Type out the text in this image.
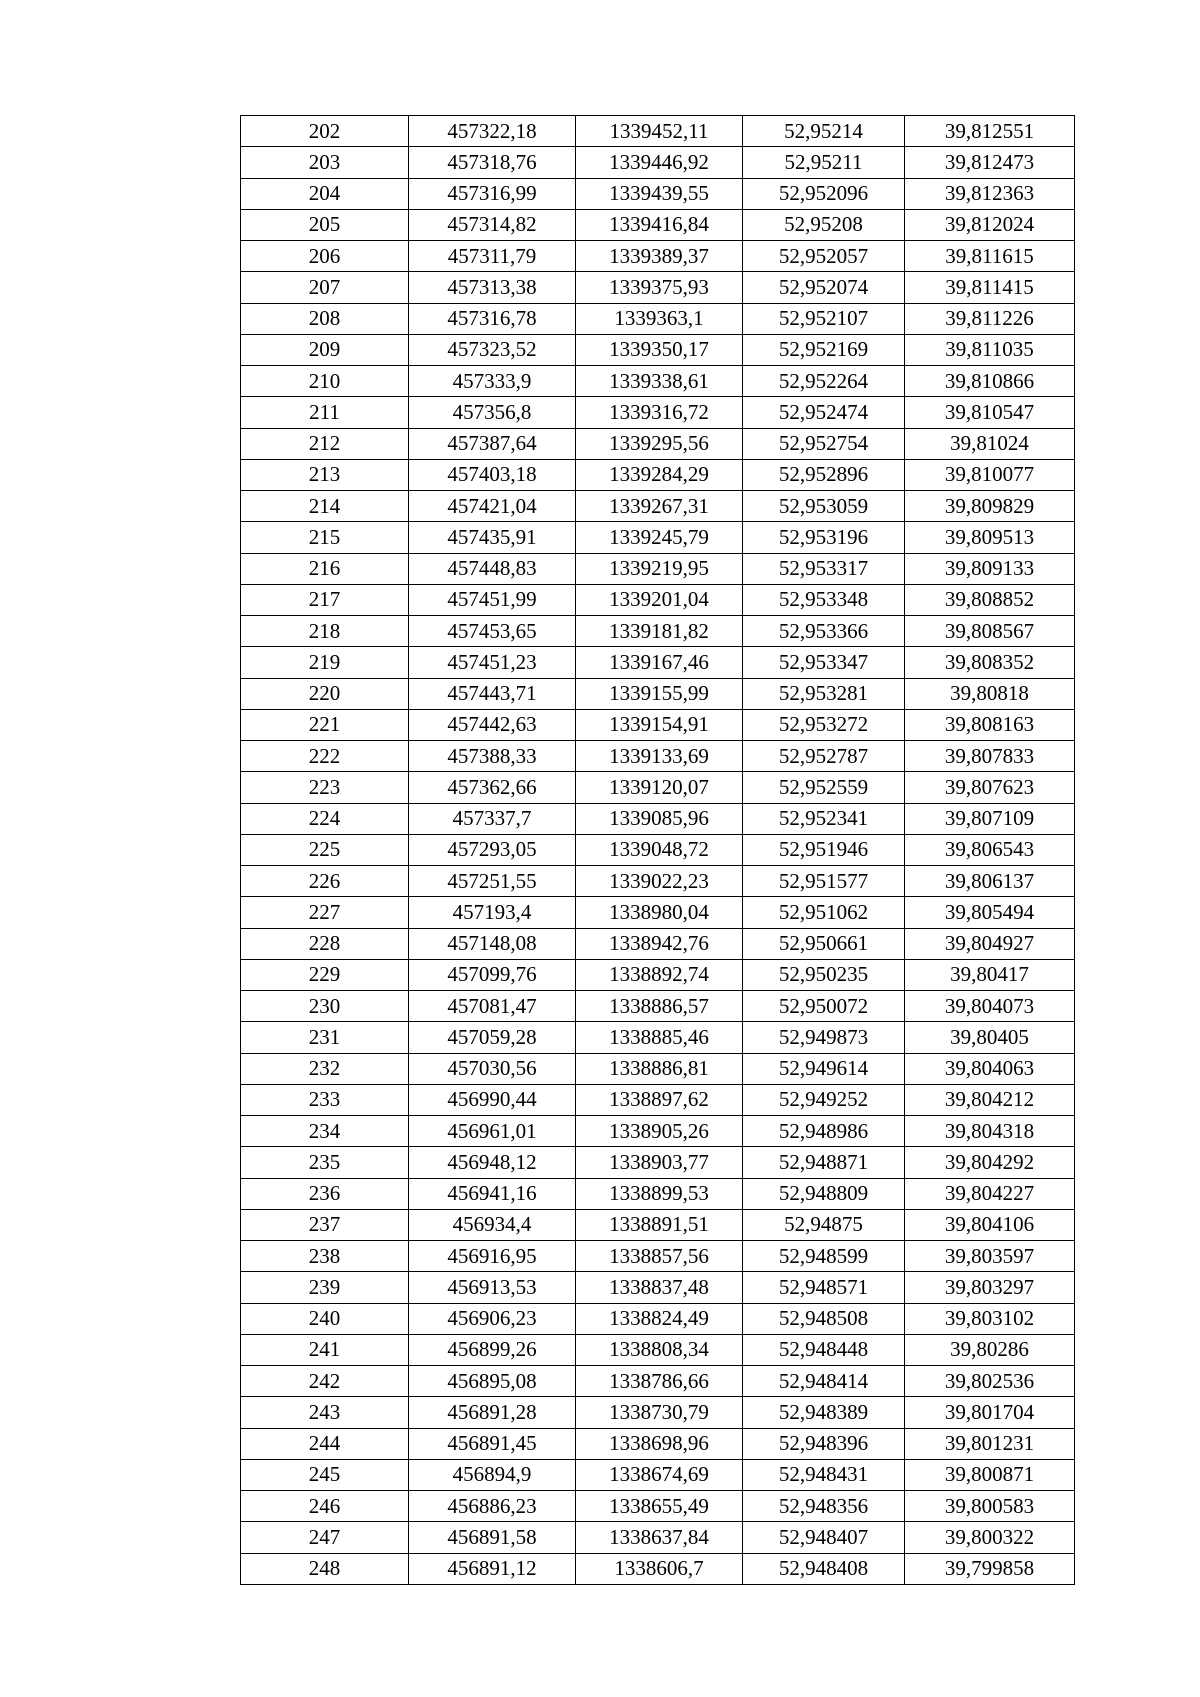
202	457322,18	1339452,11	52,95214	39,812551
203	457318,76	1339446,92	52,95211	39,812473
204	457316,99	1339439,55	52,952096	39,812363
205	457314,82	1339416,84	52,95208	39,812024
206	457311,79	1339389,37	52,952057	39,811615
207	457313,38	1339375,93	52,952074	39,811415
208	457316,78	1339363,1	52,952107	39,811226
209	457323,52	1339350,17	52,952169	39,811035
210	457333,9	1339338,61	52,952264	39,810866
211	457356,8	1339316,72	52,952474	39,810547
212	457387,64	1339295,56	52,952754	39,81024
213	457403,18	1339284,29	52,952896	39,810077
214	457421,04	1339267,31	52,953059	39,809829
215	457435,91	1339245,79	52,953196	39,809513
216	457448,83	1339219,95	52,953317	39,809133
217	457451,99	1339201,04	52,953348	39,808852
218	457453,65	1339181,82	52,953366	39,808567
219	457451,23	1339167,46	52,953347	39,808352
220	457443,71	1339155,99	52,953281	39,80818
221	457442,63	1339154,91	52,953272	39,808163
222	457388,33	1339133,69	52,952787	39,807833
223	457362,66	1339120,07	52,952559	39,807623
224	457337,7	1339085,96	52,952341	39,807109
225	457293,05	1339048,72	52,951946	39,806543
226	457251,55	1339022,23	52,951577	39,806137
227	457193,4	1338980,04	52,951062	39,805494
228	457148,08	1338942,76	52,950661	39,804927
229	457099,76	1338892,74	52,950235	39,80417
230	457081,47	1338886,57	52,950072	39,804073
231	457059,28	1338885,46	52,949873	39,80405
232	457030,56	1338886,81	52,949614	39,804063
233	456990,44	1338897,62	52,949252	39,804212
234	456961,01	1338905,26	52,948986	39,804318
235	456948,12	1338903,77	52,948871	39,804292
236	456941,16	1338899,53	52,948809	39,804227
237	456934,4	1338891,51	52,94875	39,804106
238	456916,95	1338857,56	52,948599	39,803597
239	456913,53	1338837,48	52,948571	39,803297
240	456906,23	1338824,49	52,948508	39,803102
241	456899,26	1338808,34	52,948448	39,80286
242	456895,08	1338786,66	52,948414	39,802536
243	456891,28	1338730,79	52,948389	39,801704
244	456891,45	1338698,96	52,948396	39,801231
245	456894,9	1338674,69	52,948431	39,800871
246	456886,23	1338655,49	52,948356	39,800583
247	456891,58	1338637,84	52,948407	39,800322
248	456891,12	1338606,7	52,948408	39,799858
